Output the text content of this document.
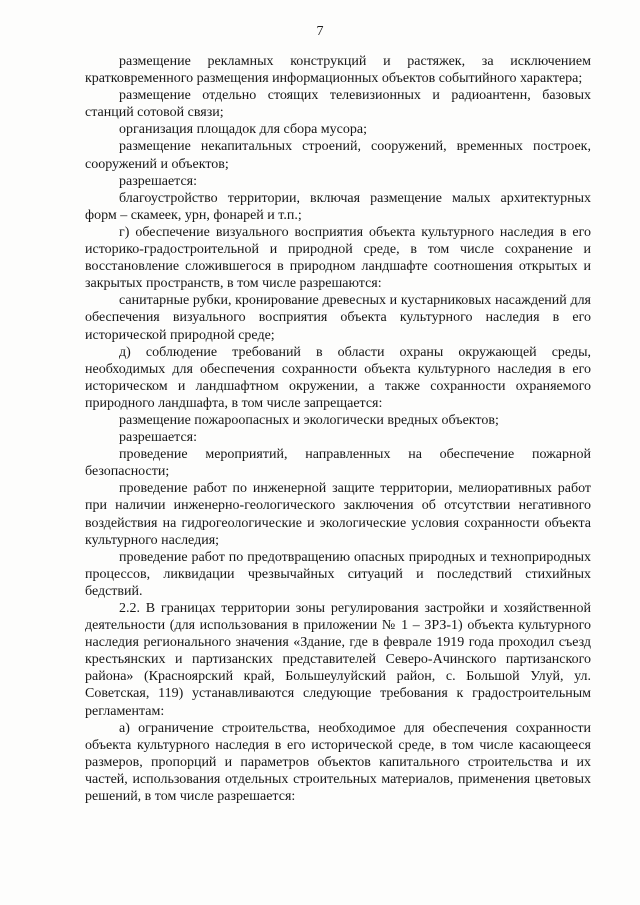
7

размещение рекламных конструкций и растяжек, за исключением кратковременного размещения информационных объектов событийного характера;

размещение отдельно стоящих телевизионных и радиоантенн, базовых станций сотовой связи;

организация площадок для сбора мусора;

размещение некапитальных строений, сооружений, временных построек, сооружений и объектов;

разрешается:

благоустройство территории, включая размещение малых архитектурных форм – скамеек, урн, фонарей и т.п.;

г) обеспечение визуального восприятия объекта культурного наследия в его историко-градостроительной и природной среде, в том числе сохранение и восстановление сложившегося в природном ландшафте соотношения открытых и закрытых пространств, в том числе разрешаются:

санитарные рубки, кронирование древесных и кустарниковых насаждений для обеспечения визуального восприятия объекта культурного наследия в его исторической природной среде;

д) соблюдение требований в области охраны окружающей среды, необходимых для обеспечения сохранности объекта культурного наследия в его историческом и ландшафтном окружении, а также сохранности охраняемого природного ландшафта, в том числе запрещается:

размещение пожароопасных и экологически вредных объектов;

разрешается:

проведение мероприятий, направленных на обеспечение пожарной безопасности;

проведение работ по инженерной защите территории, мелиоративных работ при наличии инженерно-геологического заключения об отсутствии негативного воздействия на гидрогеологические и экологические условия сохранности объекта культурного наследия;

проведение работ по предотвращению опасных природных и техноприродных процессов, ликвидации чрезвычайных ситуаций и последствий стихийных бедствий.

2.2. В границах территории зоны регулирования застройки и хозяйственной деятельности (для использования в приложении № 1 – ЗРЗ-1) объекта культурного наследия регионального значения «Здание, где в феврале 1919 года проходил съезд крестьянских и партизанских представителей Северо-Ачинского партизанского района» (Красноярский край, Большеулуйский район, с. Большой Улуй, ул. Советская, 119) устанавливаются следующие требования к градостроительным регламентам:

а) ограничение строительства, необходимое для обеспечения сохранности объекта культурного наследия в его исторической среде, в том числе касающееся размеров, пропорций и параметров объектов капитального строительства и их частей, использования отдельных строительных материалов, применения цветовых решений, в том числе разрешается:
